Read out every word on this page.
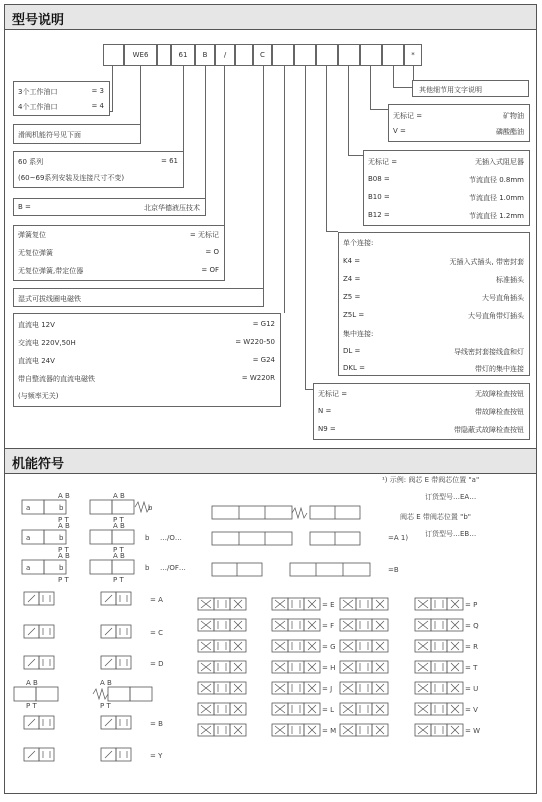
型号说明
WE6	61	B	/	C	*
3个工作油口	= 3
4个工作油口	= 4
滑阀机能符号见下面
60 系列	= 61
(60~69系列安装及连接尺寸不变)
B =	北京华德液压技术
弹簧复位	= 无标记
无复位弹簧	= O
无复位弹簧,带定位器	= OF
湿式可拔线圈电磁铁
直流电 12V	= G12
交流电 220V,50H	= W220-50
直流电 24V	= G24
带自整流器的直流电磁铁	= W220R
(与频率无关)
其他细节用文字说明
无标记 =	矿物油
V =	磷酸酯油
无标记 =	无插入式阻尼器
B08 =	节流直径 0.8mm
B10 =	节流直径 1.0mm
B12 =	节流直径 1.2mm
单个连接:
K4 =	无插入式插头, 带密封套
Z4 =	标准插头
Z5 =	大号直角插头
Z5L =	大号直角带灯插头
集中连接:
DL =	导线密封套接线盒和灯
DKL =	带灯的集中连接
无标记 =	无故障检查按钮
N =	带故障检查按钮
N9 =	带隐蔽式故障检查按钮
机能符号
A B
a	b
P T
A B
b
P T
A B
a	b
P T
A B
b …/O…
P T
A B
a	b
P T
A B
b …/OF…
P T
= A
= C
= D
A B
P T
A B
P T
= B
= Y
=A 1)
=B
¹) 示例: 阀芯 E 带阀芯位置 "a"
订货型号…EA…
阀芯 E 带阀芯位置 "b"
订货型号…EB…
= E
= F
= G
= H
= J
= L
= M
= P
= Q
= R
= T
= U
= V
= W
